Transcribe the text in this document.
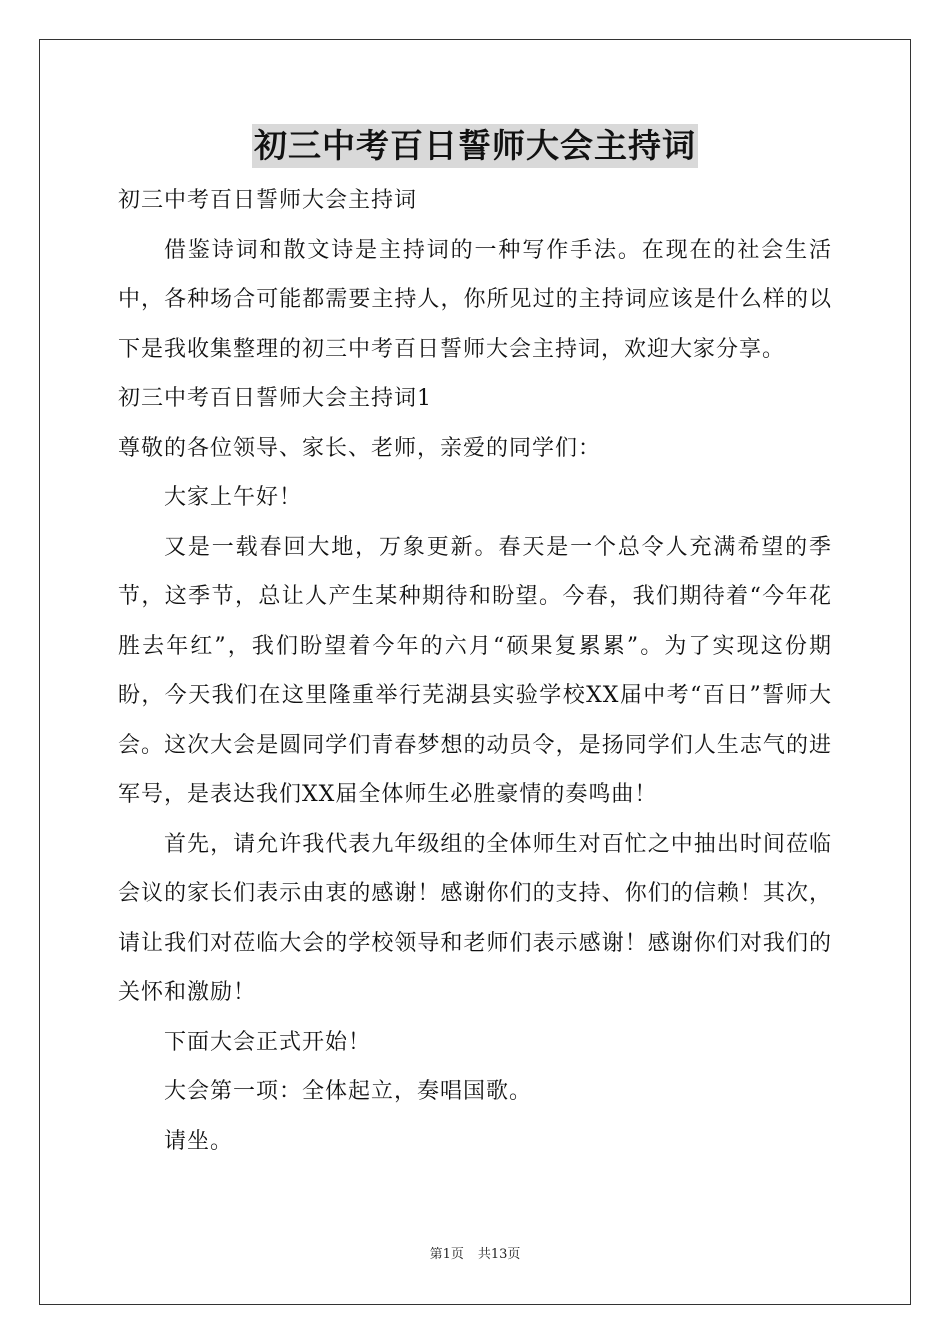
初三中考百日誓师大会主持词

初三中考百日誓师大会主持词

借鉴诗词和散文诗是主持词的一种写作手法。在现在的社会生活中，各种场合可能都需要主持人，你所见过的主持词应该是什么样的以下是我收集整理的初三中考百日誓师大会主持词，欢迎大家分享。

初三中考百日誓师大会主持词1

尊敬的各位领导、家长、老师，亲爱的同学们：

大家上午好！

又是一载春回大地，万象更新。春天是一个总令人充满希望的季节，这季节，总让人产生某种期待和盼望。今春，我们期待着“今年花胜去年红”，我们盼望着今年的六月“硕果复累累”。为了实现这份期盼，今天我们在这里隆重举行芜湖县实验学校XX届中考“百日”誓师大会。这次大会是圆同学们青春梦想的动员令，是扬同学们人生志气的进军号，是表达我们XX届全体师生必胜豪情的奏鸣曲！

首先，请允许我代表九年级组的全体师生对百忙之中抽出时间莅临会议的家长们表示由衷的感谢！感谢你们的支持、你们的信赖！其次，请让我们对莅临大会的学校领导和老师们表示感谢！感谢你们对我们的关怀和激励！

下面大会正式开始！

大会第一项：全体起立，奏唱国歌。

请坐。

第1页 共13页
